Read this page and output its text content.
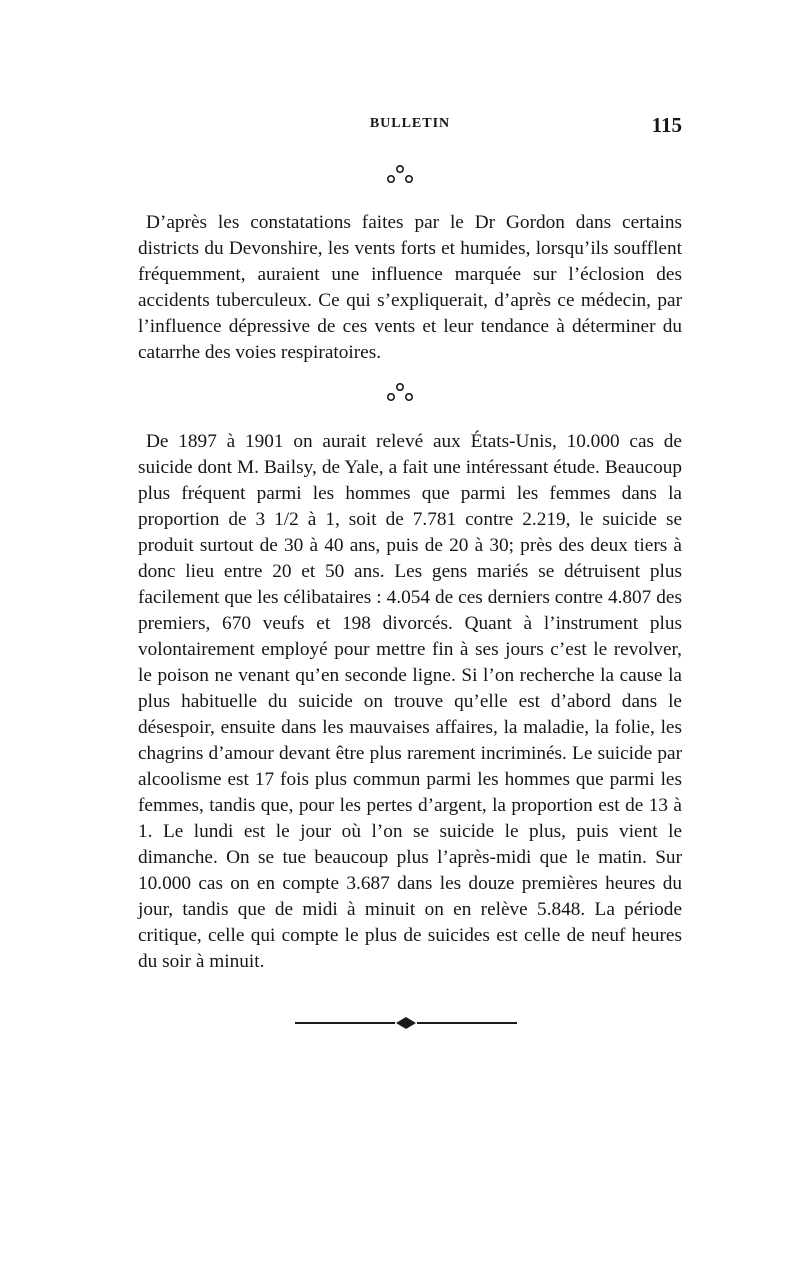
BULLETIN	115

D’après les constatations faites par le Dr Gordon dans certains districts du Devonshire, les vents forts et humides, lorsqu’ils soufflent fréquemment, auraient une influence marquée sur l’éclosion des accidents tuberculeux. Ce qui s’expliquerait, d’après ce médecin, par l’influence dépressive de ces vents et leur tendance à déterminer du catarrhe des voies respiratoires.

De 1897 à 1901 on aurait relevé aux États-Unis, 10.000 cas de suicide dont M. Bailsy, de Yale, a fait une intéressant étude. Beaucoup plus fréquent parmi les hommes que parmi les femmes dans la proportion de 3 1/2 à 1, soit de 7.781 contre 2.219, le suicide se produit surtout de 30 à 40 ans, puis de 20 à 30; près des deux tiers à donc lieu entre 20 et 50 ans. Les gens mariés se détruisent plus facilement que les célibataires : 4.054 de ces derniers contre 4.807 des premiers, 670 veufs et 198 divorcés. Quant à l’instrument plus volontairement employé pour mettre fin à ses jours c’est le revolver, le poison ne venant qu’en seconde ligne. Si l’on recherche la cause la plus habituelle du suicide on trouve qu’elle est d’abord dans le désespoir, ensuite dans les mauvaises affaires, la maladie, la folie, les chagrins d’amour devant être plus rarement incriminés. Le suicide par alcoolisme est 17 fois plus commun parmi les hommes que parmi les femmes, tandis que, pour les pertes d’argent, la proportion est de 13 à 1. Le lundi est le jour où l’on se suicide le plus, puis vient le dimanche. On se tue beaucoup plus l’après-midi que le matin. Sur 10.000 cas on en compte 3.687 dans les douze premières heures du jour, tandis que de midi à minuit on en relève 5.848. La période critique, celle qui compte le plus de suicides est celle de neuf heures du soir à minuit.
